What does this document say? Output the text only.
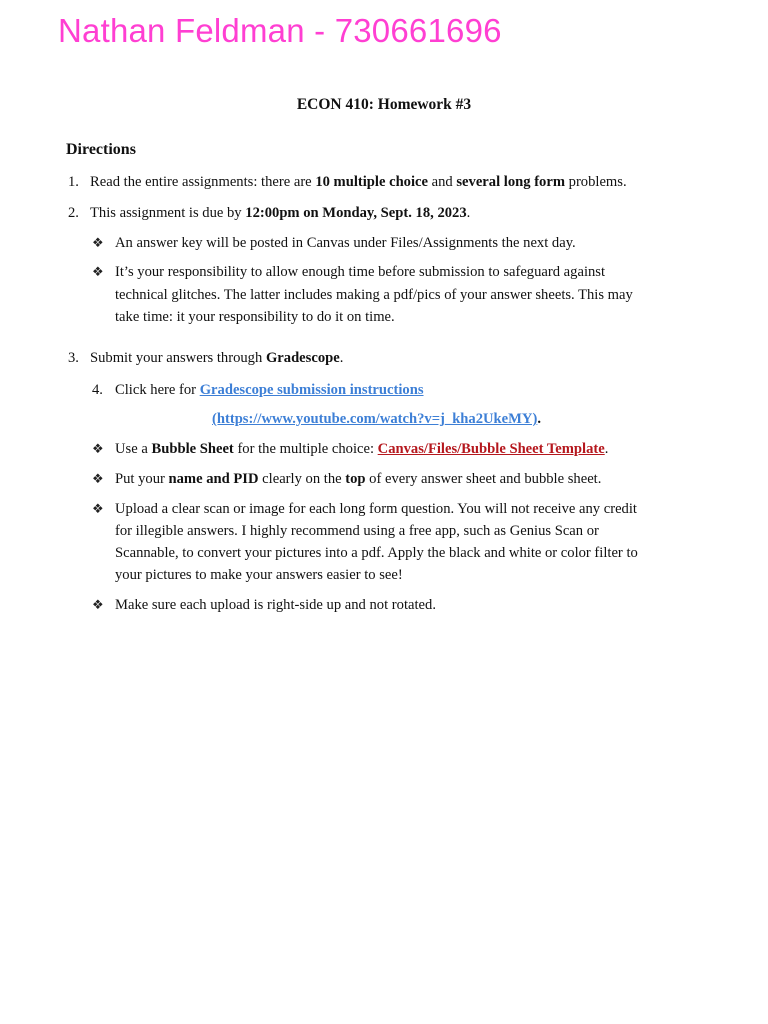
Nathan Feldman - 730661696
ECON 410: Homework #3
Directions
1. Read the entire assignments: there are 10 multiple choice and several long form problems.
2. This assignment is due by 12:00pm on Monday, Sept. 18, 2023.
❖ An answer key will be posted in Canvas under Files/Assignments the next day.
❖ It’s your responsibility to allow enough time before submission to safeguard against
technical glitches. The latter includes making a pdf/pics of your answer sheets. This may
take time: it your responsibility to do it on time.
3. Submit your answers through Gradescope.
4. Click here for Gradescope submission instructions
(https://www.youtube.com/watch?v=j_kha2UkeMY).
❖ Use a Bubble Sheet for the multiple choice: Canvas/Files/Bubble Sheet Template.
❖ Put your name and PID clearly on the top of every answer sheet and bubble sheet.
❖ Upload a clear scan or image for each long form question. You will not receive any credit
for illegible answers. I highly recommend using a free app, such as Genius Scan or
Scannable, to convert your pictures into a pdf. Apply the black and white or color filter to
your pictures to make your answers easier to see!
❖ Make sure each upload is right-side up and not rotated.
